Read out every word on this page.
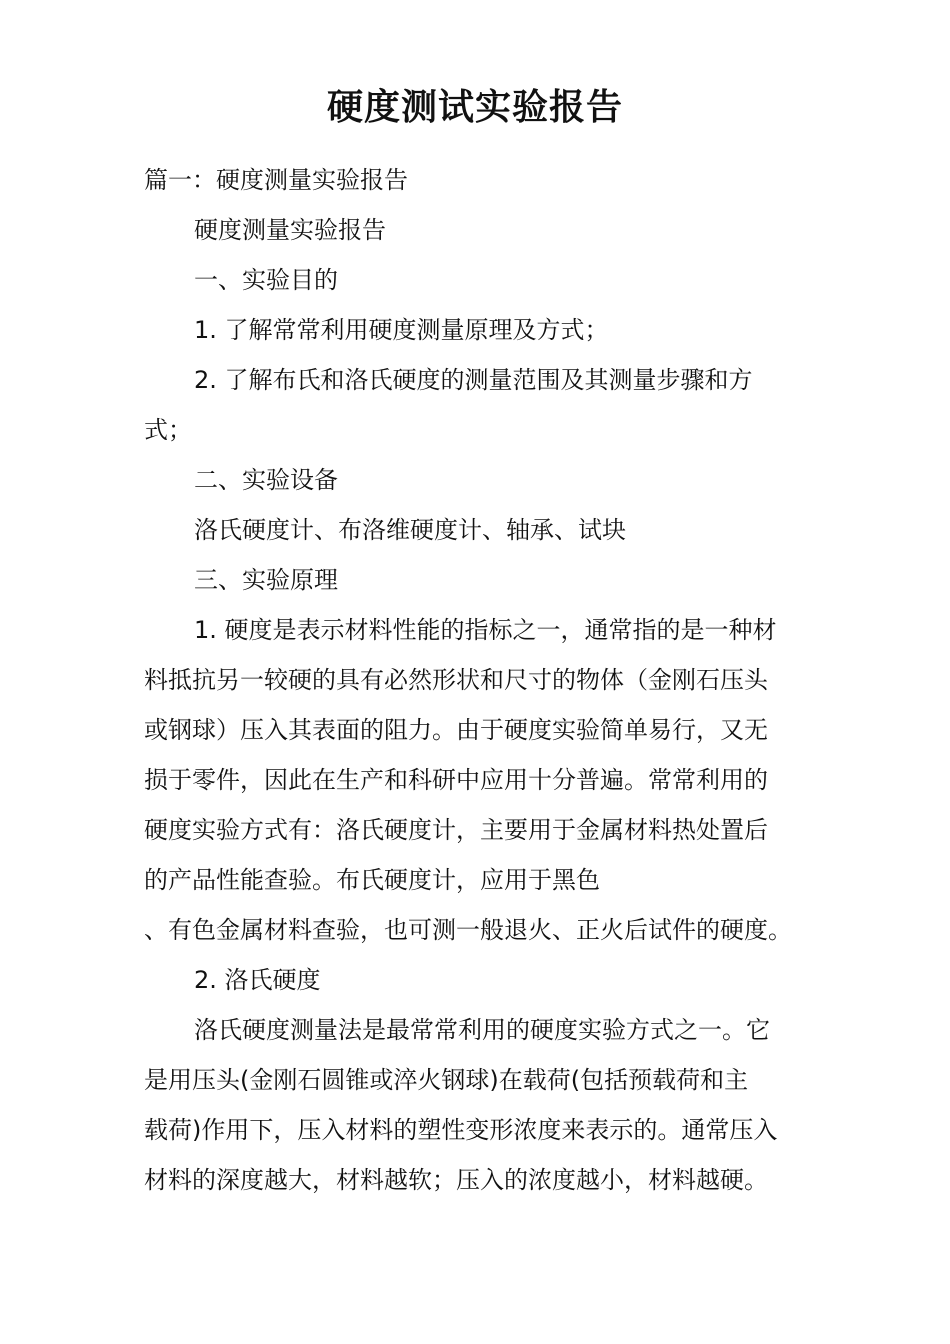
硬度测试实验报告
篇一：硬度测量实验报告
硬度测量实验报告
一、实验目的
1. 了解常常利用硬度测量原理及方式；
2. 了解布氏和洛氏硬度的测量范围及其测量步骤和方
式；
二、实验设备
洛氏硬度计、布洛维硬度计、轴承、试块
三、实验原理
1. 硬度是表示材料性能的指标之一，通常指的是一种材
料抵抗另一较硬的具有必然形状和尺寸的物体（金刚石压头
或钢球）压入其表面的阻力。由于硬度实验简单易行，又无
损于零件，因此在生产和科研中应用十分普遍。常常利用的
硬度实验方式有：洛氏硬度计，主要用于金属材料热处置后
的产品性能查验。布氏硬度计，应用于黑色
、有色金属材料查验，也可测一般退火、正火后试件的硬度。
2. 洛氏硬度
洛氏硬度测量法是最常常利用的硬度实验方式之一。它
是用压头(金刚石圆锥或淬火钢球)在载荷(包括预载荷和主
载荷)作用下，压入材料的塑性变形浓度来表示的。通常压入
材料的深度越大，材料越软；压入的浓度越小，材料越硬。
